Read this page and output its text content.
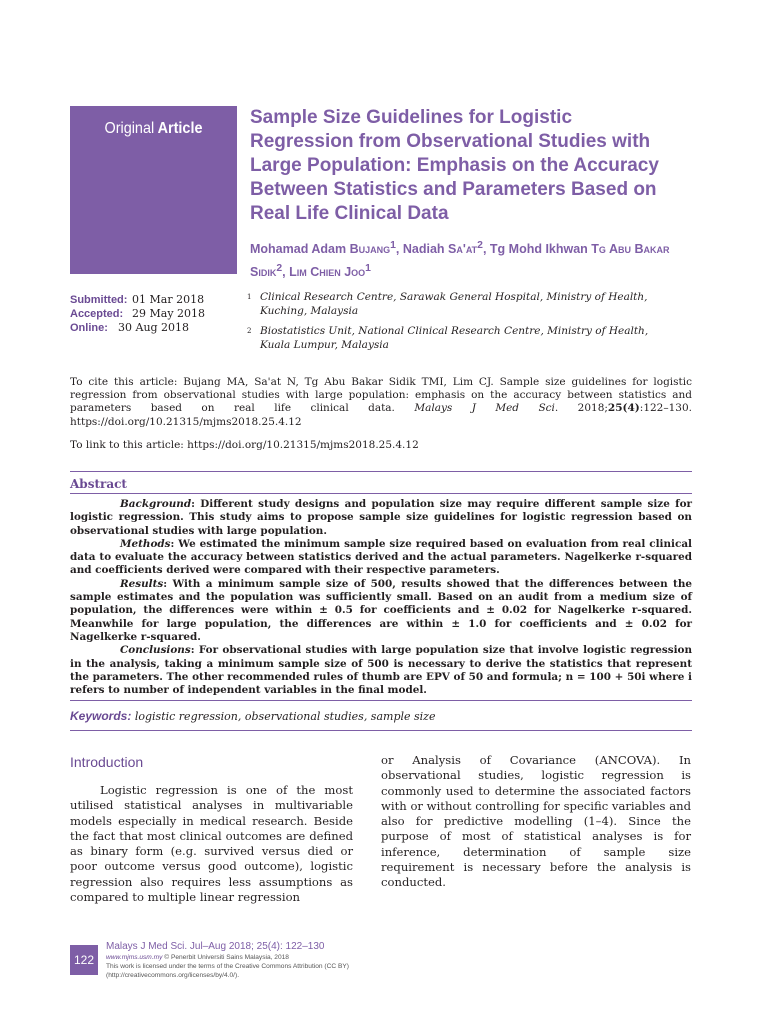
Original Article
Sample Size Guidelines for Logistic Regression from Observational Studies with Large Population: Emphasis on the Accuracy Between Statistics and Parameters Based on Real Life Clinical Data
Mohamad Adam Bujang$^1$, Nadiah $Sa'at^2$, Tg Mohd Ikhwan Tg Abu Bakar Sidik$^2$, Lim Chien Joo$^1$
Submitted: 01 Mar 2018
Accepted: 29 May 2018
Online: 30 Aug 2018
1 Clinical Research Centre, Sarawak General Hospital, Ministry of Health, Kuching, Malaysia
2 Biostatistics Unit, National Clinical Research Centre, Ministry of Health, Kuala Lumpur, Malaysia
To cite this article: Bujang MA, Sa'at N, Tg Abu Bakar Sidik TMI, Lim CJ. Sample size guidelines for logistic regression from observational studies with large population: emphasis on the accuracy between statistics and parameters based on real life clinical data. Malays J Med Sci. 2018;25(4):122–130. https://doi.org/10.21315/mjms2018.25.4.12
To link to this article: https://doi.org/10.21315/mjms2018.25.4.12
Abstract

Background: Different study designs and population size may require different sample size for logistic regression. This study aims to propose sample size guidelines for logistic regression based on observational studies with large population.

Methods: We estimated the minimum sample size required based on evaluation from real clinical data to evaluate the accuracy between statistics derived and the actual parameters. Nagelkerke r-squared and coefficients derived were compared with their respective parameters.

Results: With a minimum sample size of 500, results showed that the differences between the sample estimates and the population was sufficiently small. Based on an audit from a medium size of population, the differences were within ± 0.5 for coefficients and ± 0.02 for Nagelkerke r-squared. Meanwhile for large population, the differences are within ± 1.0 for coefficients and ± 0.02 for Nagelkerke r-squared.

Conclusions: For observational studies with large population size that involve logistic regression in the analysis, taking a minimum sample size of 500 is necessary to derive the statistics that represent the parameters. The other recommended rules of thumb are EPV of 50 and formula; n = 100 + 50i where i refers to number of independent variables in the final model.

Keywords: logistic regression, observational studies, sample size
Introduction
Logistic regression is one of the most utilised statistical analyses in multivariable models especially in medical research. Beside the fact that most clinical outcomes are defined as binary form (e.g. survived versus died or poor outcome versus good outcome), logistic regression also requires less assumptions as compared to multiple linear regression
or Analysis of Covariance (ANCOVA). In observational studies, logistic regression is commonly used to determine the associated factors with or without controlling for specific variables and also for predictive modelling (1–4). Since the purpose of most of statistical analyses is for inference, determination of sample size requirement is necessary before the analysis is conducted.
122
Malays J Med Sci. Jul–Aug 2018; 25(4): 122–130
www.mjms.usm.my © Penerbit Universiti Sains Malaysia, 2018
This work is licensed under the terms of the Creative Commons Attribution (CC BY)
(http://creativecommons.org/licenses/by/4.0/).
